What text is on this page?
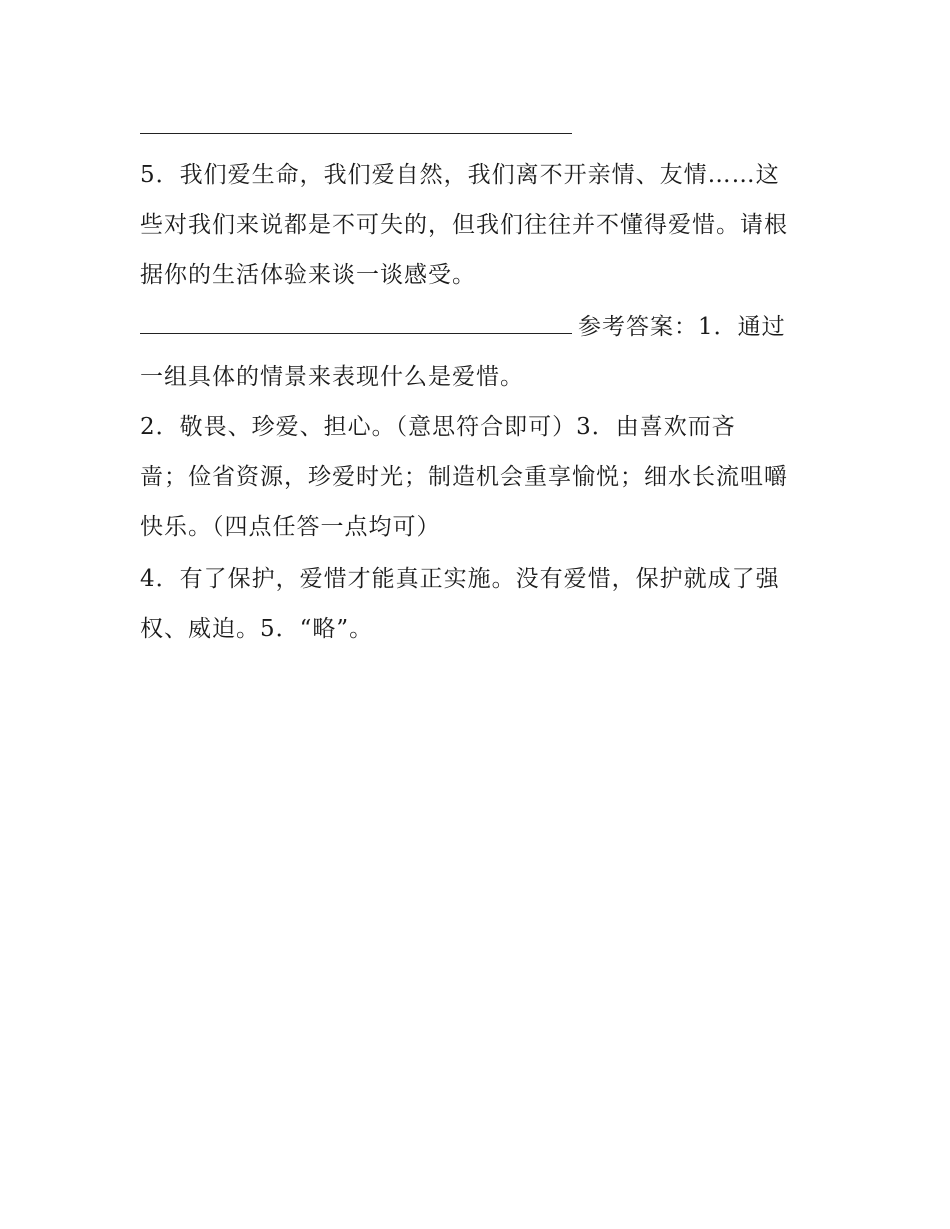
5．我们爱生命，我们爱自然，我们离不开亲情、友情……这
些对我们来说都是不可失的，但我们往往并不懂得爱惜。请根
据你的生活体验来谈一谈感受。
参考答案：1．通过
一组具体的情景来表现什么是爱惜。
2．敬畏、珍爱、担心。（意思符合即可）3．由喜欢而吝
啬；俭省资源，珍爱时光；制造机会重享愉悦；细水长流咀嚼
快乐。（四点任答一点均可）
4．有了保护，爱惜才能真正实施。没有爱惜，保护就成了强
权、威迫。5．“略”。
